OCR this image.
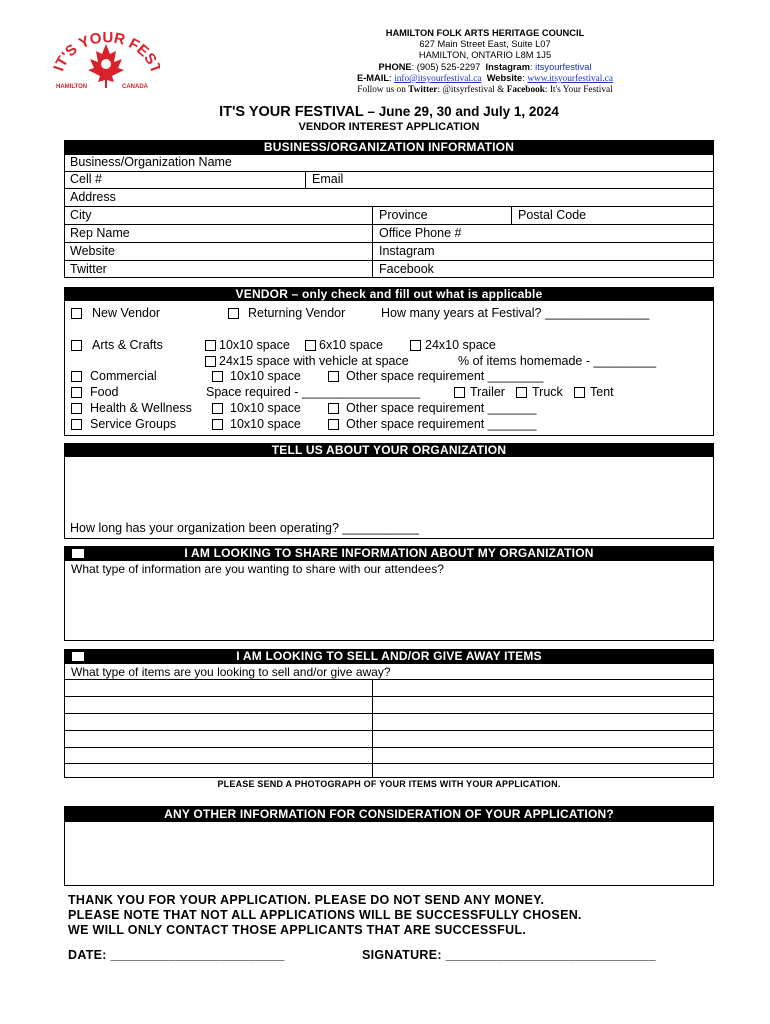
T'S YOUR FES
HAMILTON	CANADA
HAMILTON FOLK ARTS HERITAGE COUNCIL
627 Main Street East, Suite L07
HAMILTON, ONTARIO L8M 1J5
PHONE: (905) 525-2297 Instagram: itsyourfestival
E-MAIL: info@itsyourfestival.ca Website: www.itsyourfestival.ca
Follow us on Twitter: @itsyrfestival & Facebook: It's Your Festival
IT'S YOUR FESTIVAL – June 29, 30 and July 1, 2024
VENDOR INTEREST APPLICATION
BUSINESS/ORGANIZATION INFORMATION
Business/Organization Name
Cell #	Email
Address
City	Province	Postal Code
Rep Name	Office Phone #
Website	Instagram
Twitter	Facebook
VENDOR – only check and fill out what is applicable
New Vendor	Returning Vendor	How many years at Festival? _______________
Arts & Crafts	10x10 space 6x10 space	24x10 space
24x15 space with vehicle at space	% of items homemade - _________
Commercial	10x10 space	Other space requirement ________
Food	Space required - _________________	Trailer Truck Tent
Health & Wellness	10x10 space	Other space requirement _______
Service Groups	10x10 space	Other space requirement _______
TELL US ABOUT YOUR ORGANIZATION
How long has your organization been operating? ___________
I AM LOOKING TO SHARE INFORMATION ABOUT MY ORGANIZATION
What type of information are you wanting to share with our attendees?
I AM LOOKING TO SELL AND/OR GIVE AWAY ITEMS
What type of items are you looking to sell and/or give away?
PLEASE SEND A PHOTOGRAPH OF YOUR ITEMS WITH YOUR APPLICATION.
ANY OTHER INFORMATION FOR CONSIDERATION OF YOUR APPLICATION?
THANK YOU FOR YOUR APPLICATION. PLEASE DO NOT SEND ANY MONEY.
PLEASE NOTE THAT NOT ALL APPLICATIONS WILL BE SUCCESSFULLY CHOSEN.
WE WILL ONLY CONTACT THOSE APPLICANTS THAT ARE SUCCESSFUL.
DATE: ________________________	SIGNATURE: _____________________________
